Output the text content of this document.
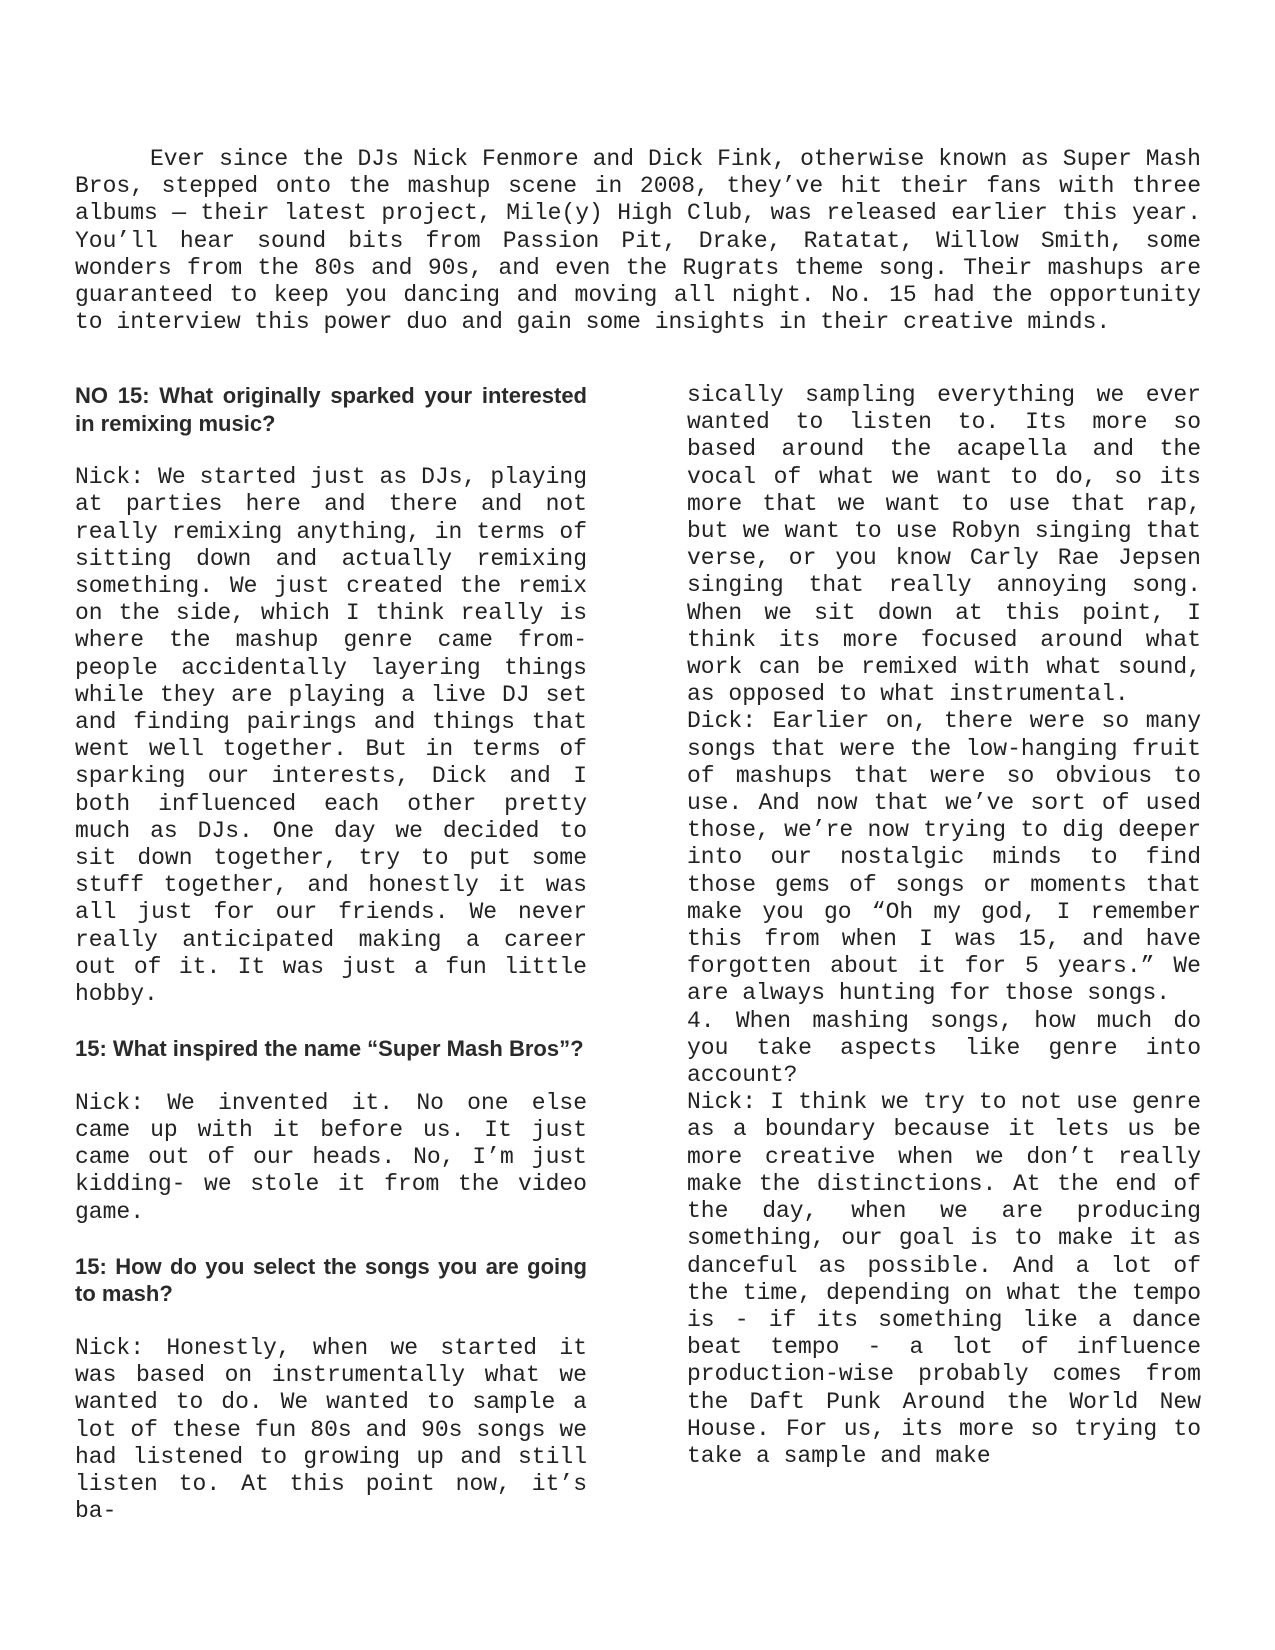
Ever since the DJs Nick Fenmore and Dick Fink, otherwise known as Super Mash Bros, stepped onto the mashup scene in 2008, they’ve hit their fans with three albums — their latest project, Mile(y) High Club, was released earlier this year. You’ll hear sound bits from Passion Pit, Drake, Ratatat, Willow Smith, some wonders from the 80s and 90s, and even the Rugrats theme song. Their mashups are guaranteed to keep you dancing and moving all night. No. 15 had the opportunity to interview this power duo and gain some insights in their creative minds.

NO 15: What originally sparked your interested in remixing music?

Nick: We started just as DJs, playing at parties here and there and not really remixing anything, in terms of sitting down and actually remixing something. We just created the remix on the side, which I think really is where the mashup genre came from- people accidentally layering things while they are playing a live DJ set and finding pairings and things that went well together. But in terms of sparking our interests, Dick and I both influenced each other pretty much as DJs. One day we decided to sit down together, try to put some stuff together, and honestly it was all just for our friends. We never really anticipated making a career out of it. It was just a fun little hobby.

15: What inspired the name “Super Mash Bros”?

Nick: We invented it. No one else came up with it before us. It just came out of our heads. No, I’m just kidding- we stole it from the video game.

15: How do you select the songs you are going to mash?

Nick: Honestly, when we started it was based on instrumentally what we wanted to do. We wanted to sample a lot of these fun 80s and 90s songs we had listened to growing up and still listen to. At this point now, it’s ba-

sically sampling everything we ever wanted to listen to. Its more so based around the acapella and the vocal of what we want to do, so its more that we want to use that rap, but we want to use Robyn singing that verse, or you know Carly Rae Jepsen singing that really annoying song. When we sit down at this point, I think its more focused around what work can be remixed with what sound, as opposed to what instrumental.

Dick: Earlier on, there were so many songs that were the low-hanging fruit of mashups that were so obvious to use. And now that we’ve sort of used those, we’re now trying to dig deeper into our nostalgic minds to find those gems of songs or moments that make you go “Oh my god, I remember this from when I was 15, and have forgotten about it for 5 years.” We are always hunting for those songs.

4. When mashing songs, how much do you take aspects like genre into account?

Nick: I think we try to not use genre as a boundary because it lets us be more creative when we don’t really make the distinctions. At the end of the day, when we are producing something, our goal is to make it as danceful as possible. And a lot of the time, depending on what the tempo is - if its something like a dance beat tempo - a lot of influence production-wise probably comes from the Daft Punk Around the World New House. For us, its more so trying to take a sample and make
